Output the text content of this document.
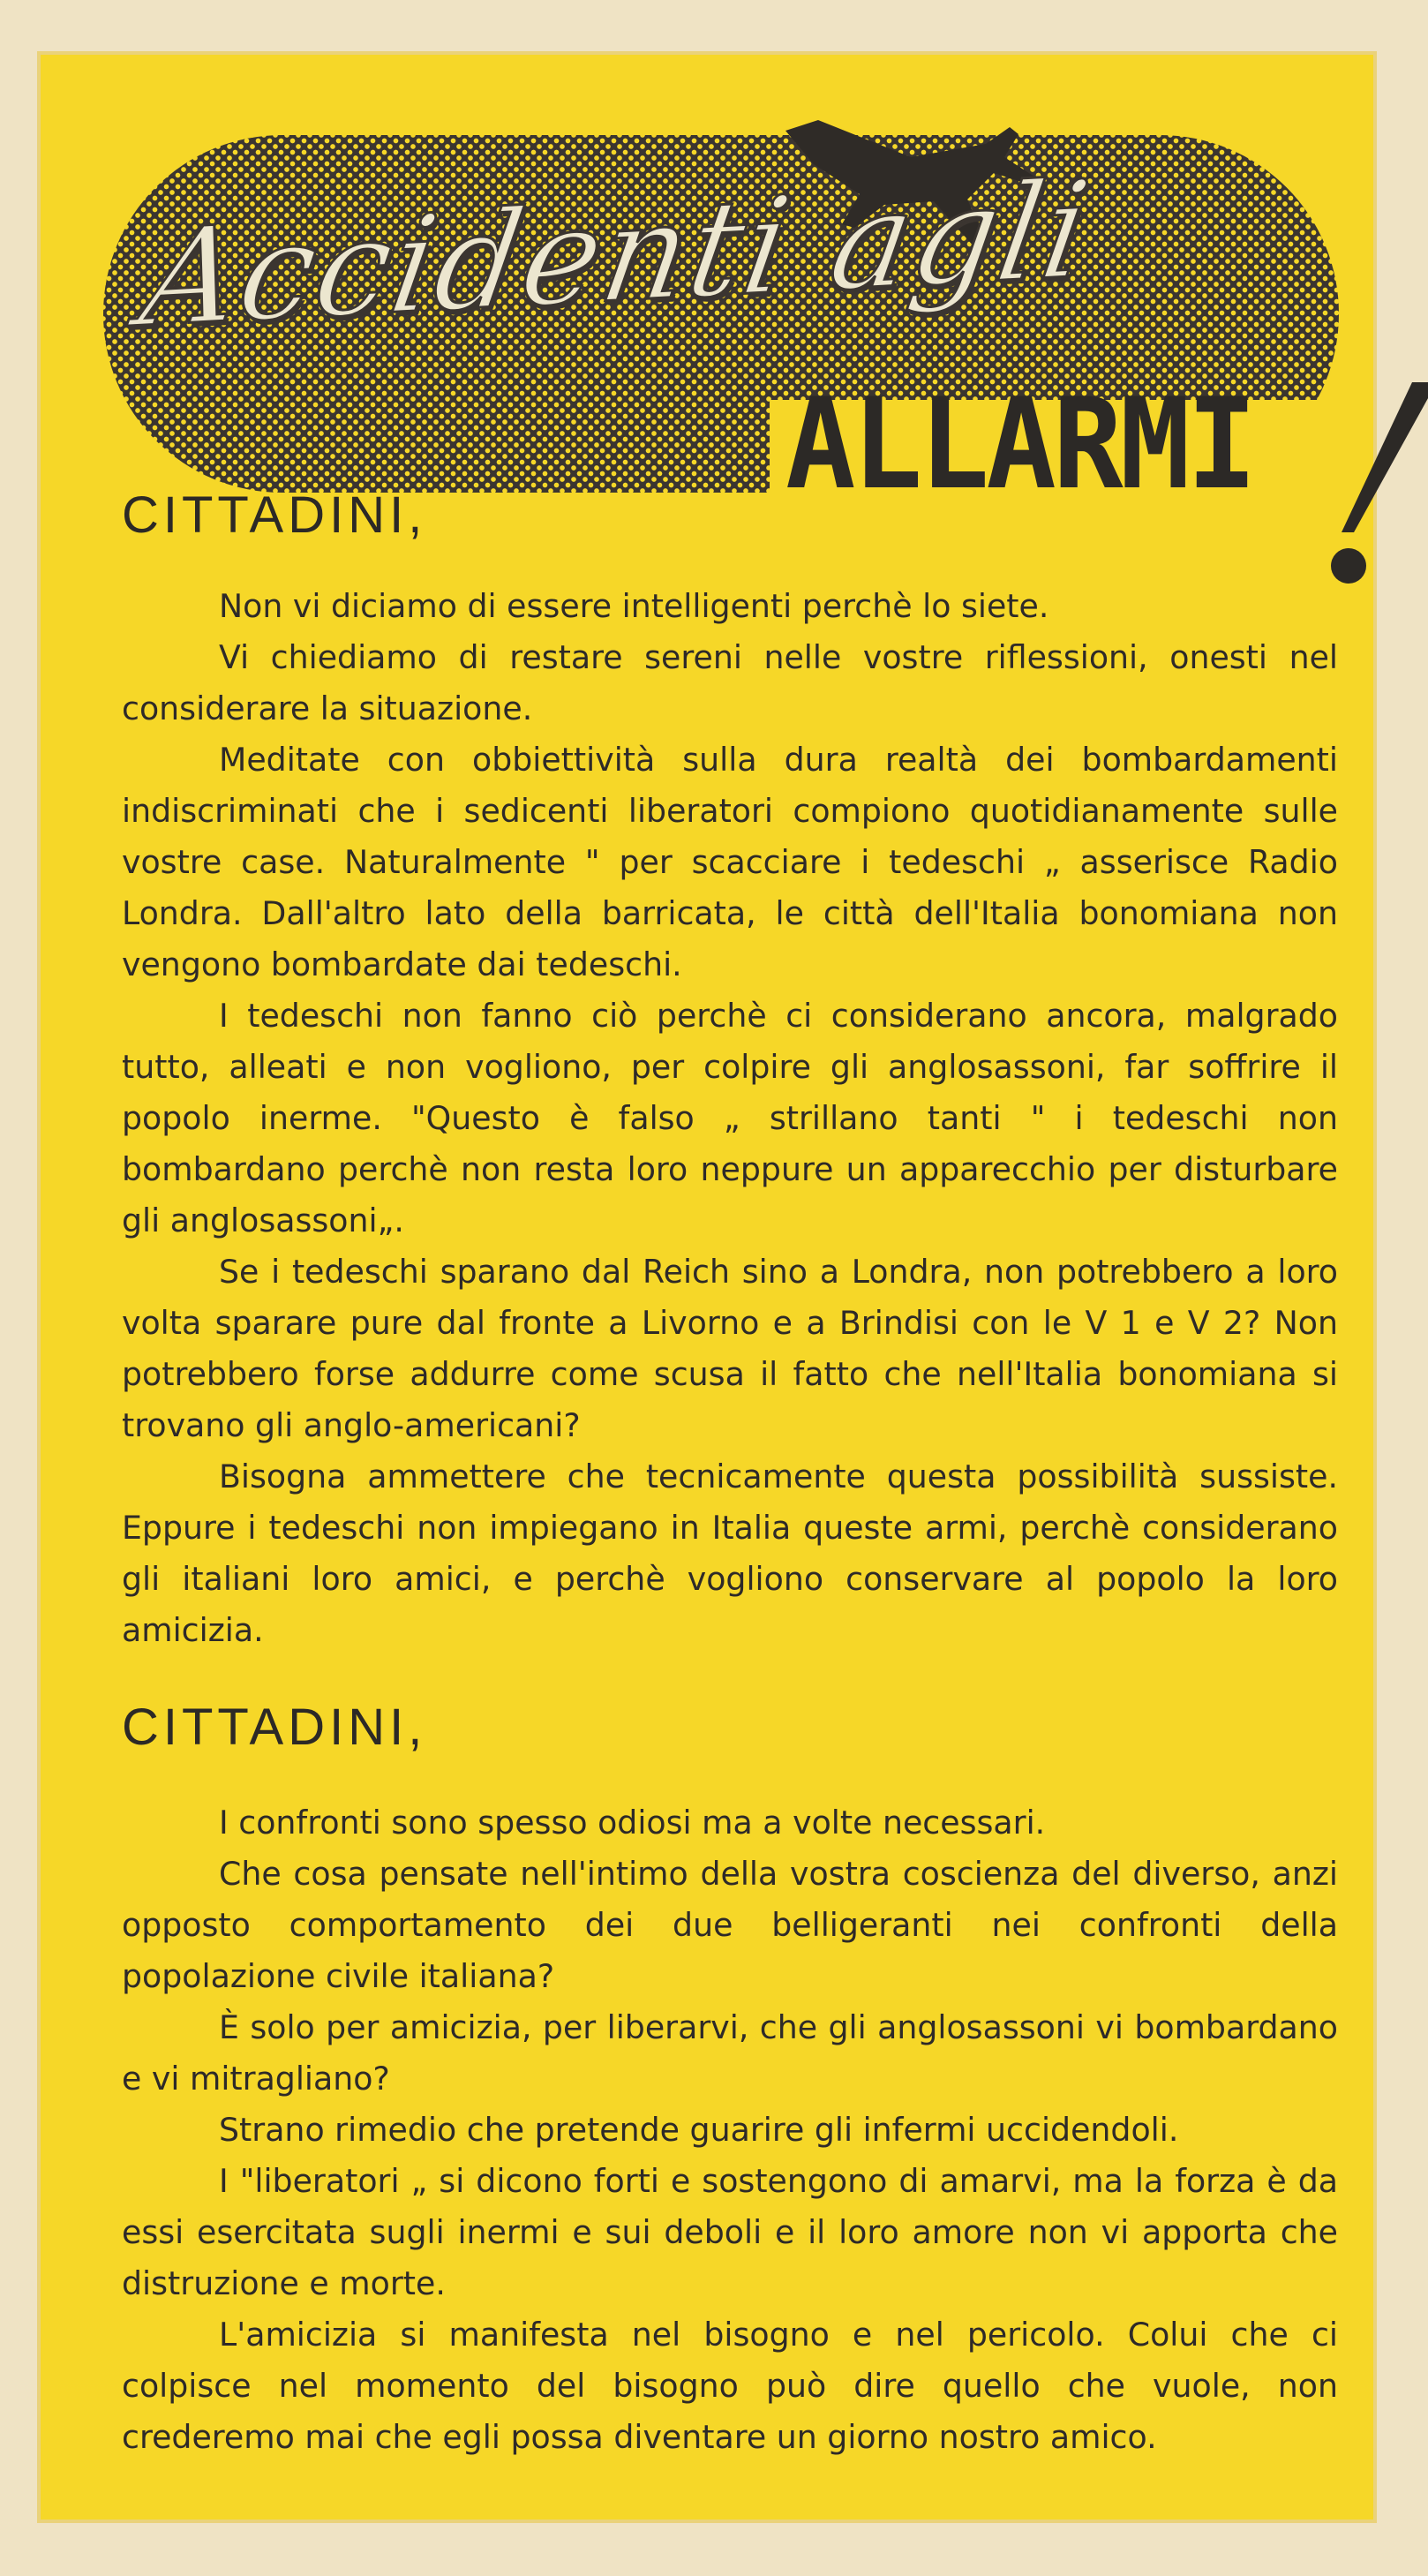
Accidenti agli
ALLARMI
CITTADINI,

Non vi diciamo di essere intelligenti perchè lo siete.

Vi chiediamo di restare sereni nelle vostre riflessioni, onesti nel considerare la situazione.

Meditate con obbiettività sulla dura realtà dei bombardamenti indiscriminati che i sedicenti liberatori compiono quotidianamente sulle vostre case. Naturalmente " per scacciare i tedeschi „ asserisce Radio Londra. Dall'altro lato della barricata, le città dell'Italia bonomiana non vengono bombardate dai tedeschi.

I tedeschi non fanno ciò perchè ci considerano ancora, malgrado tutto, alleati e non vogliono, per colpire gli anglosassoni, far soffrire il popolo inerme. "Questo è falso „ strillano tanti " i tedeschi non bombardano perchè non resta loro neppure un apparecchio per disturbare gli anglosassoni„.

Se i tedeschi sparano dal Reich sino a Londra, non potrebbero a loro volta sparare pure dal fronte a Livorno e a Brindisi con le V 1 e V 2? Non potrebbero forse addurre come scusa il fatto che nell'Italia bonomiana si trovano gli anglo-americani?

Bisogna ammettere che tecnicamente questa possibilità sussiste. Eppure i tedeschi non impiegano in Italia queste armi, perchè considerano gli italiani loro amici, e perchè vogliono conservare al popolo la loro amicizia.

CITTADINI,

I confronti sono spesso odiosi ma a volte necessari.

Che cosa pensate nell'intimo della vostra coscienza del diverso, anzi opposto comportamento dei due belligeranti nei confronti della popolazione civile italiana?

È solo per amicizia, per liberarvi, che gli anglosassoni vi bombardano e vi mitragliano?

Strano rimedio che pretende guarire gli infermi uccidendoli.

I "liberatori „ si dicono forti e sostengono di amarvi, ma la forza è da essi esercitata sugli inermi e sui deboli e il loro amore non vi apporta che distruzione e morte.

L'amicizia si manifesta nel bisogno e nel pericolo. Colui che ci colpisce nel momento del bisogno può dire quello che vuole, non crederemo mai che egli possa diventare un giorno nostro amico.
